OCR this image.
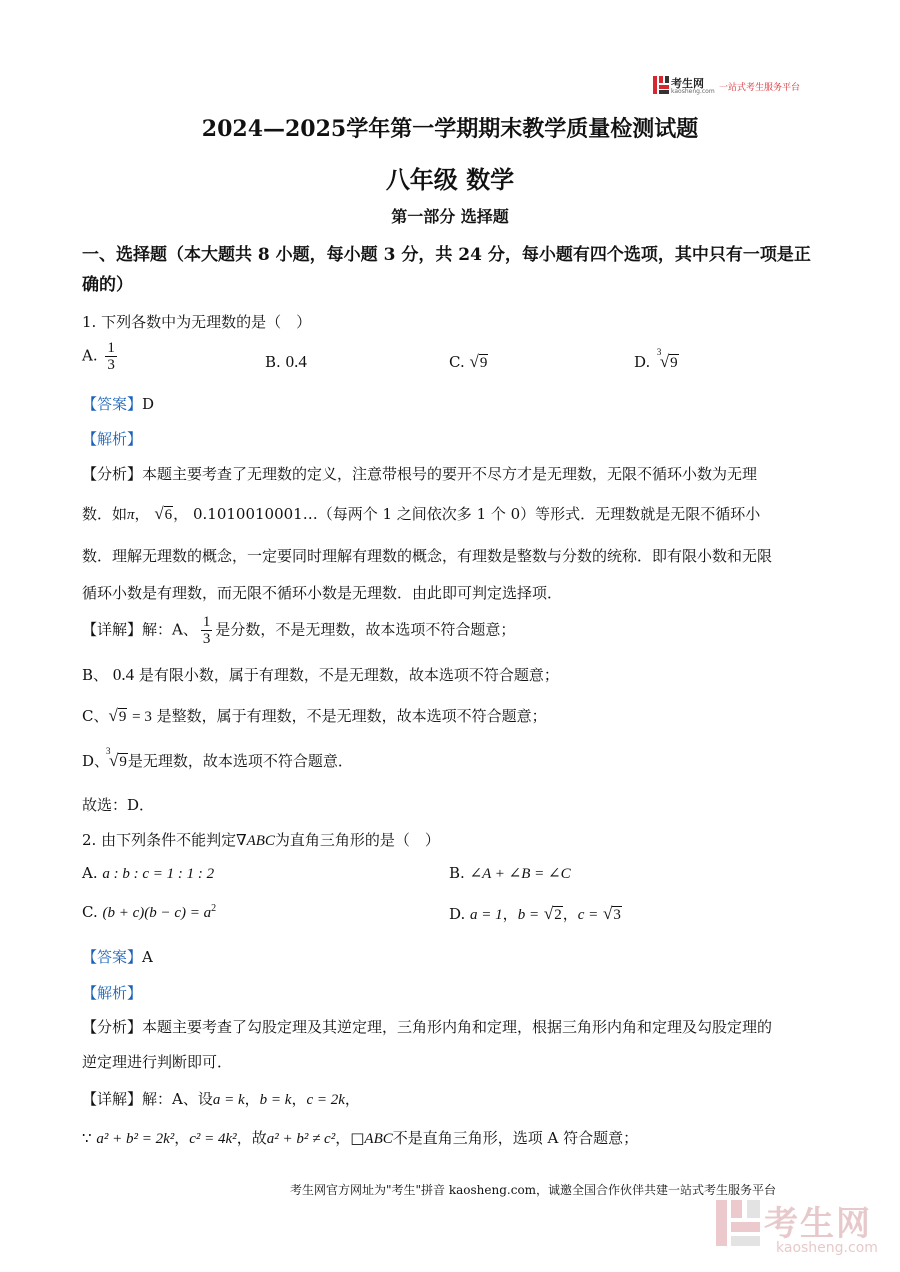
考生网
kaosheng.com 一站式考生服务平台
2024—2025学年第一学期期末教学质量检测试题
八年级 数学
第一部分 选择题
一、选择题（本大题共 8 小题，每小题 3 分，共 24 分，每小题有四个选项，其中只有一项是正确的）
1. 下列各数中为无理数的是（　）
A. $\frac{1}{3}$	B. 0.4	C. √9	D.
3
√9
【答案】D
【解析】
【分析】本题主要考查了无理数的定义，注意带根号的要开不尽方才是无理数，无限不循环小数为无理
数．如π， √6， 0.1010010001…（每两个 1 之间依次多 1 个 0）等形式．无理数就是无限不循环小
数．理解无理数的概念，一定要同时理解有理数的概念，有理数是整数与分数的统称．即有限小数和无限
循环小数是有理数，而无限不循环小数是无理数．由此即可判定选择项．
【详解】解：A、 $\frac{1}{3}$ 是分数，不是无理数，故本选项不符合题意；
B、 0.4 是有限小数，属于有理数，不是无理数，故本选项不符合题意；
C、√9 = 3 是整数，属于有理数，不是无理数，故本选项不符合题意；
D、
3
√9是无理数，故本选项不符合题意．
故选：D．
2. 由下列条件不能判定∇ABC为直角三角形的是（　）
A. a : b : c = 1 : 1 : 2	B. ∠A + ∠B = ∠C
C. $(b + c)(b - c) = a^2$	D. a = 1，b = √2，c = √3
【答案】A
【解析】
【分析】本题主要考查了勾股定理及其逆定理，三角形内角和定理，根据三角形内角和定理及勾股定理的
逆定理进行判断即可．
【详解】解：A、设a = k，b = k，c = 2k，
∵ a² + b² = 2k²，c² = 4k²，故a² + b² ≠ c²，□ABC不是直角三角形，选项 A 符合题意；
考生网官方网址为"考生"拼音 kaosheng.com，诚邀全国合作伙伴共建一站式考生服务平台
考生网
kaosheng.com
